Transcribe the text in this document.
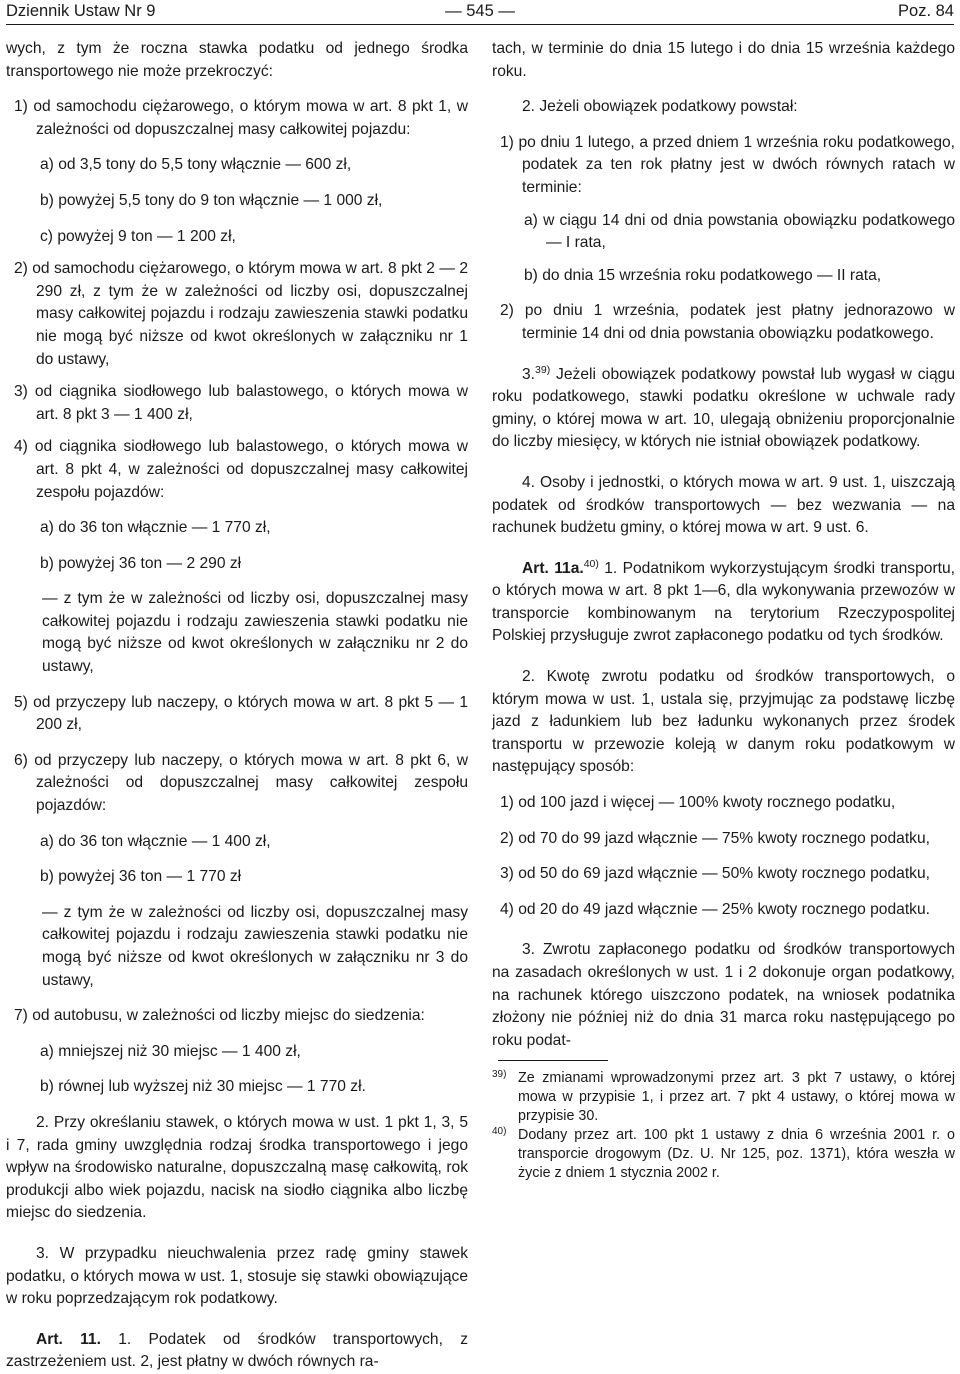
Dziennik Ustaw Nr 9	— 545 —	Poz. 84

wych, z tym że roczna stawka podatku od jednego środka transportowego nie może przekroczyć:

1) od samochodu ciężarowego, o którym mowa w art. 8 pkt 1, w zależności od dopuszczalnej masy całkowitej pojazdu:

a) od 3,5 tony do 5,5 tony włącznie — 600 zł,

b) powyżej 5,5 tony do 9 ton włącznie — 1 000 zł,

c) powyżej 9 ton — 1 200 zł,

2) od samochodu ciężarowego, o którym mowa w art. 8 pkt 2 — 2 290 zł, z tym że w zależności od liczby osi, dopuszczalnej masy całkowitej pojazdu i rodzaju zawieszenia stawki podatku nie mogą być niższe od kwot określonych w załączniku nr 1 do ustawy,

3) od ciągnika siodłowego lub balastowego, o których mowa w art. 8 pkt 3 — 1 400 zł,

4) od ciągnika siodłowego lub balastowego, o których mowa w art. 8 pkt 4, w zależności od dopuszczalnej masy całkowitej zespołu pojazdów:

a) do 36 ton włącznie — 1 770 zł,

b) powyżej 36 ton — 2 290 zł

— z tym że w zależności od liczby osi, dopuszczalnej masy całkowitej pojazdu i rodzaju zawieszenia stawki podatku nie mogą być niższe od kwot określonych w załączniku nr 2 do ustawy,

5) od przyczepy lub naczepy, o których mowa w art. 8 pkt 5 — 1 200 zł,

6) od przyczepy lub naczepy, o których mowa w art. 8 pkt 6, w zależności od dopuszczalnej masy całkowitej zespołu pojazdów:

a) do 36 ton włącznie — 1 400 zł,

b) powyżej 36 ton — 1 770 zł

— z tym że w zależności od liczby osi, dopuszczalnej masy całkowitej pojazdu i rodzaju zawieszenia stawki podatku nie mogą być niższe od kwot określonych w załączniku nr 3 do ustawy,

7) od autobusu, w zależności od liczby miejsc do siedzenia:

a) mniejszej niż 30 miejsc — 1 400 zł,

b) równej lub wyższej niż 30 miejsc — 1 770 zł.

2. Przy określaniu stawek, o których mowa w ust. 1 pkt 1, 3, 5 i 7, rada gminy uwzględnia rodzaj środka transportowego i jego wpływ na środowisko naturalne, dopuszczalną masę całkowitą, rok produkcji albo wiek pojazdu, nacisk na siodło ciągnika albo liczbę miejsc do siedzenia.

3. W przypadku nieuchwalenia przez radę gminy stawek podatku, o których mowa w ust. 1, stosuje się stawki obowiązujące w roku poprzedzającym rok podatkowy.

Art. 11. 1. Podatek od środków transportowych, z zastrzeżeniem ust. 2, jest płatny w dwóch równych ra-

tach, w terminie do dnia 15 lutego i do dnia 15 września każdego roku.

2. Jeżeli obowiązek podatkowy powstał:

1) po dniu 1 lutego, a przed dniem 1 września roku podatkowego, podatek za ten rok płatny jest w dwóch równych ratach w terminie:

a) w ciągu 14 dni od dnia powstania obowiązku podatkowego — I rata,

b) do dnia 15 września roku podatkowego — II rata,

2) po dniu 1 września, podatek jest płatny jednorazowo w terminie 14 dni od dnia powstania obowiązku podatkowego.

3.$^{39)}$ Jeżeli obowiązek podatkowy powstał lub wygasł w ciągu roku podatkowego, stawki podatku określone w uchwale rady gminy, o której mowa w art. 10, ulegają obniżeniu proporcjonalnie do liczby miesięcy, w których nie istniał obowiązek podatkowy.

4. Osoby i jednostki, o których mowa w art. 9 ust. 1, uiszczają podatek od środków transportowych — bez wezwania — na rachunek budżetu gminy, o której mowa w art. 9 ust. 6.

Art. 11a.$^{40)}$ 1. Podatnikom wykorzystującym środki transportu, o których mowa w art. 8 pkt 1—6, dla wykonywania przewozów w transporcie kombinowanym na terytorium Rzeczypospolitej Polskiej przysługuje zwrot zapłaconego podatku od tych środków.

2. Kwotę zwrotu podatku od środków transportowych, o którym mowa w ust. 1, ustala się, przyjmując za podstawę liczbę jazd z ładunkiem lub bez ładunku wykonanych przez środek transportu w przewozie koleją w danym roku podatkowym w następujący sposób:

1) od 100 jazd i więcej — 100% kwoty rocznego podatku,

2) od 70 do 99 jazd włącznie — 75% kwoty rocznego podatku,

3) od 50 do 69 jazd włącznie — 50% kwoty rocznego podatku,

4) od 20 do 49 jazd włącznie — 25% kwoty rocznego podatku.

3. Zwrotu zapłaconego podatku od środków transportowych na zasadach określonych w ust. 1 i 2 dokonuje organ podatkowy, na rachunek którego uiszczono podatek, na wniosek podatnika złożony nie później niż do dnia 31 marca roku następującego po roku podat-

39) Ze zmianami wprowadzonymi przez art. 3 pkt 7 ustawy, o której mowa w przypisie 1, i przez art. 7 pkt 4 ustawy, o której mowa w przypisie 30.

40) Dodany przez art. 100 pkt 1 ustawy z dnia 6 września 2001 r. o transporcie drogowym (Dz. U. Nr 125, poz. 1371), która weszła w życie z dniem 1 stycznia 2002 r.
